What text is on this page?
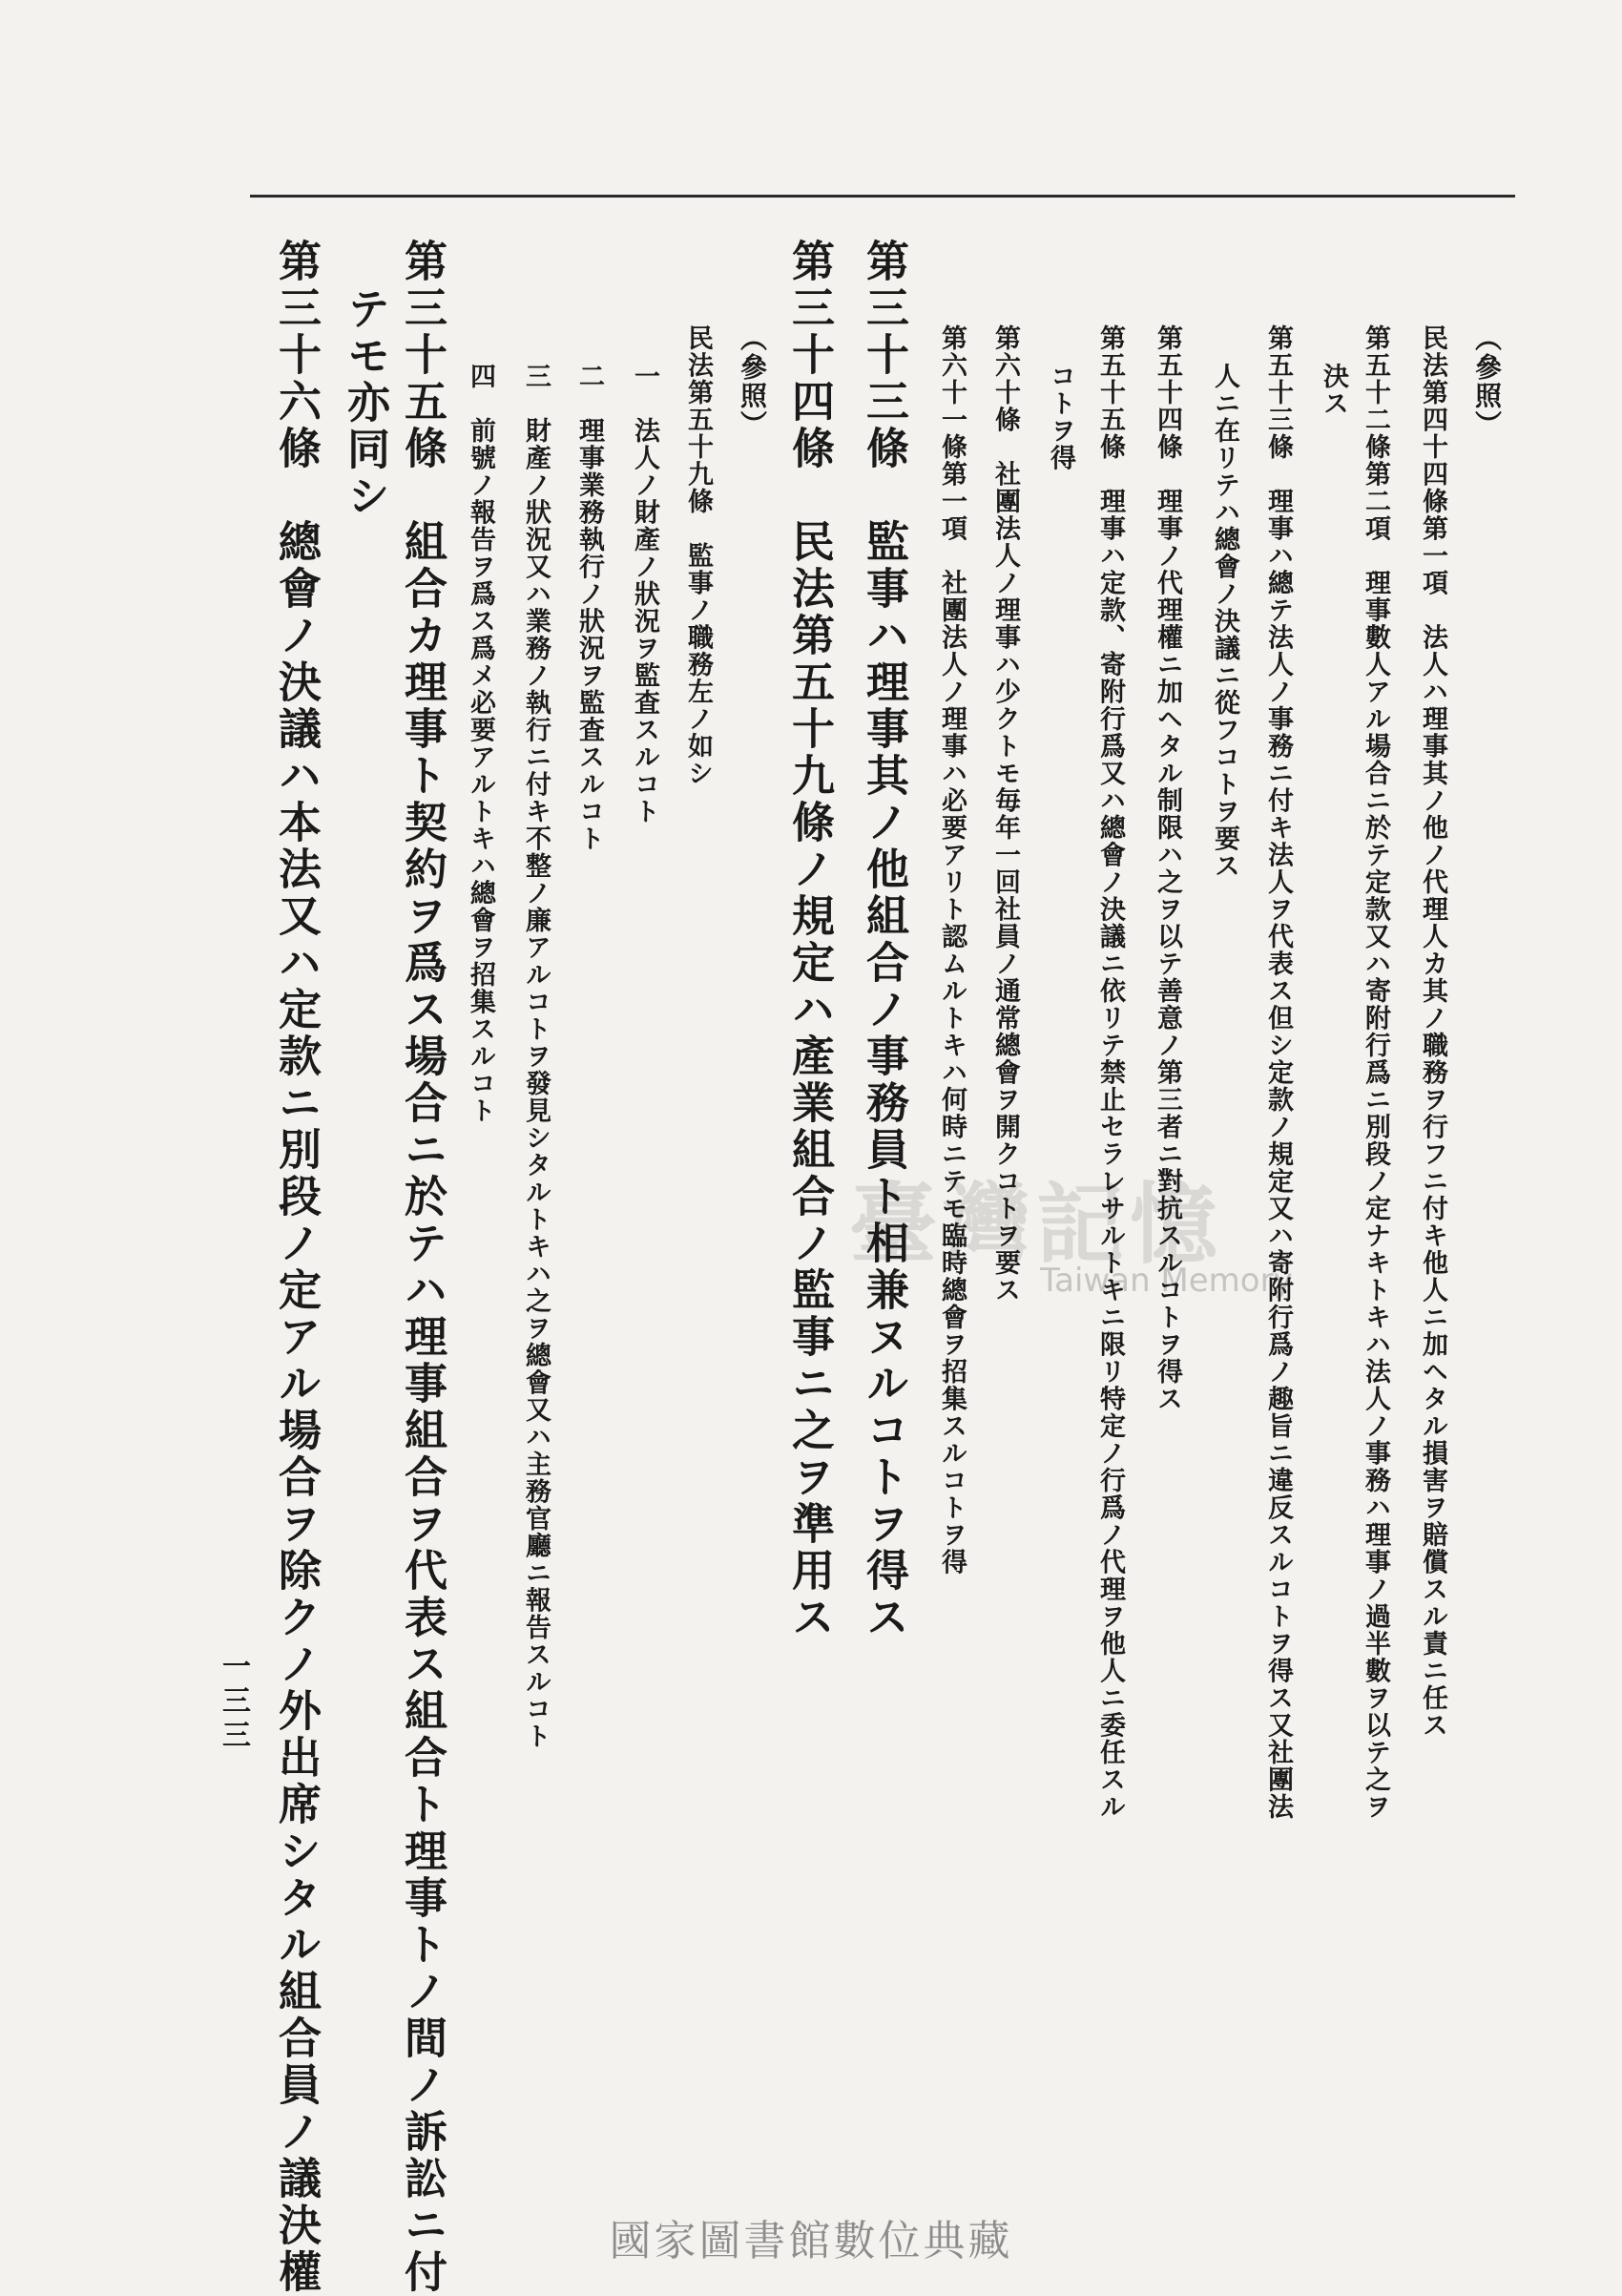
臺灣記憶
Taiwan Memory
（參照）
民法第四十四條第一項　法人ハ理事其ノ他ノ代理人カ其ノ職務ヲ行フニ付キ他人ニ加ヘタル損害ヲ賠償スル責ニ任ス
第五十二條第二項　理事數人アル場合ニ於テ定款又ハ寄附行爲ニ別段ノ定ナキトキハ法人ノ事務ハ理事ノ過半數ヲ以テ之ヲ
決ス
第五十三條　理事ハ總テ法人ノ事務ニ付キ法人ヲ代表ス但シ定款ノ規定又ハ寄附行爲ノ趣旨ニ違反スルコトヲ得ス又社團法
人ニ在リテハ總會ノ決議ニ從フコトヲ要ス
第五十四條　理事ノ代理權ニ加ヘタル制限ハ之ヲ以テ善意ノ第三者ニ對抗スルコトヲ得ス
第五十五條　理事ハ定款、寄附行爲又ハ總會ノ決議ニ依リテ禁止セラレサルトキニ限リ特定ノ行爲ノ代理ヲ他人ニ委任スル
コトヲ得
第六十條　社團法人ノ理事ハ少クトモ毎年一回社員ノ通常總會ヲ開クコトヲ要ス
第六十一條第一項　社團法人ノ理事ハ必要アリト認ムルトキハ何時ニテモ臨時總會ヲ招集スルコトヲ得
第三十三條　監事ハ理事其ノ他組合ノ事務員ト相兼ヌルコトヲ得ス
第三十四條　民法第五十九條ノ規定ハ產業組合ノ監事ニ之ヲ準用ス
（參照）
民法第五十九條　監事ノ職務左ノ如シ
一　法人ノ財產ノ狀況ヲ監査スルコト
二　理事業務執行ノ狀況ヲ監査スルコト
三　財產ノ狀況又ハ業務ノ執行ニ付キ不整ノ廉アルコトヲ發見シタルトキハ之ヲ總會又ハ主務官廳ニ報告スルコト
四　前號ノ報告ヲ爲ス爲メ必要アルトキハ總會ヲ招集スルコト
第三十五條　組合カ理事ト契約ヲ爲ス場合ニ於テハ理事組合ヲ代表ス組合ト理事トノ間ノ訴訟ニ付
テモ亦同シ
第三十六條　總會ノ決議ハ本法又ハ定款ニ別段ノ定アル場合ヲ除クノ外出席シタル組合員ノ議決權
一三三
國家圖書館數位典藏
